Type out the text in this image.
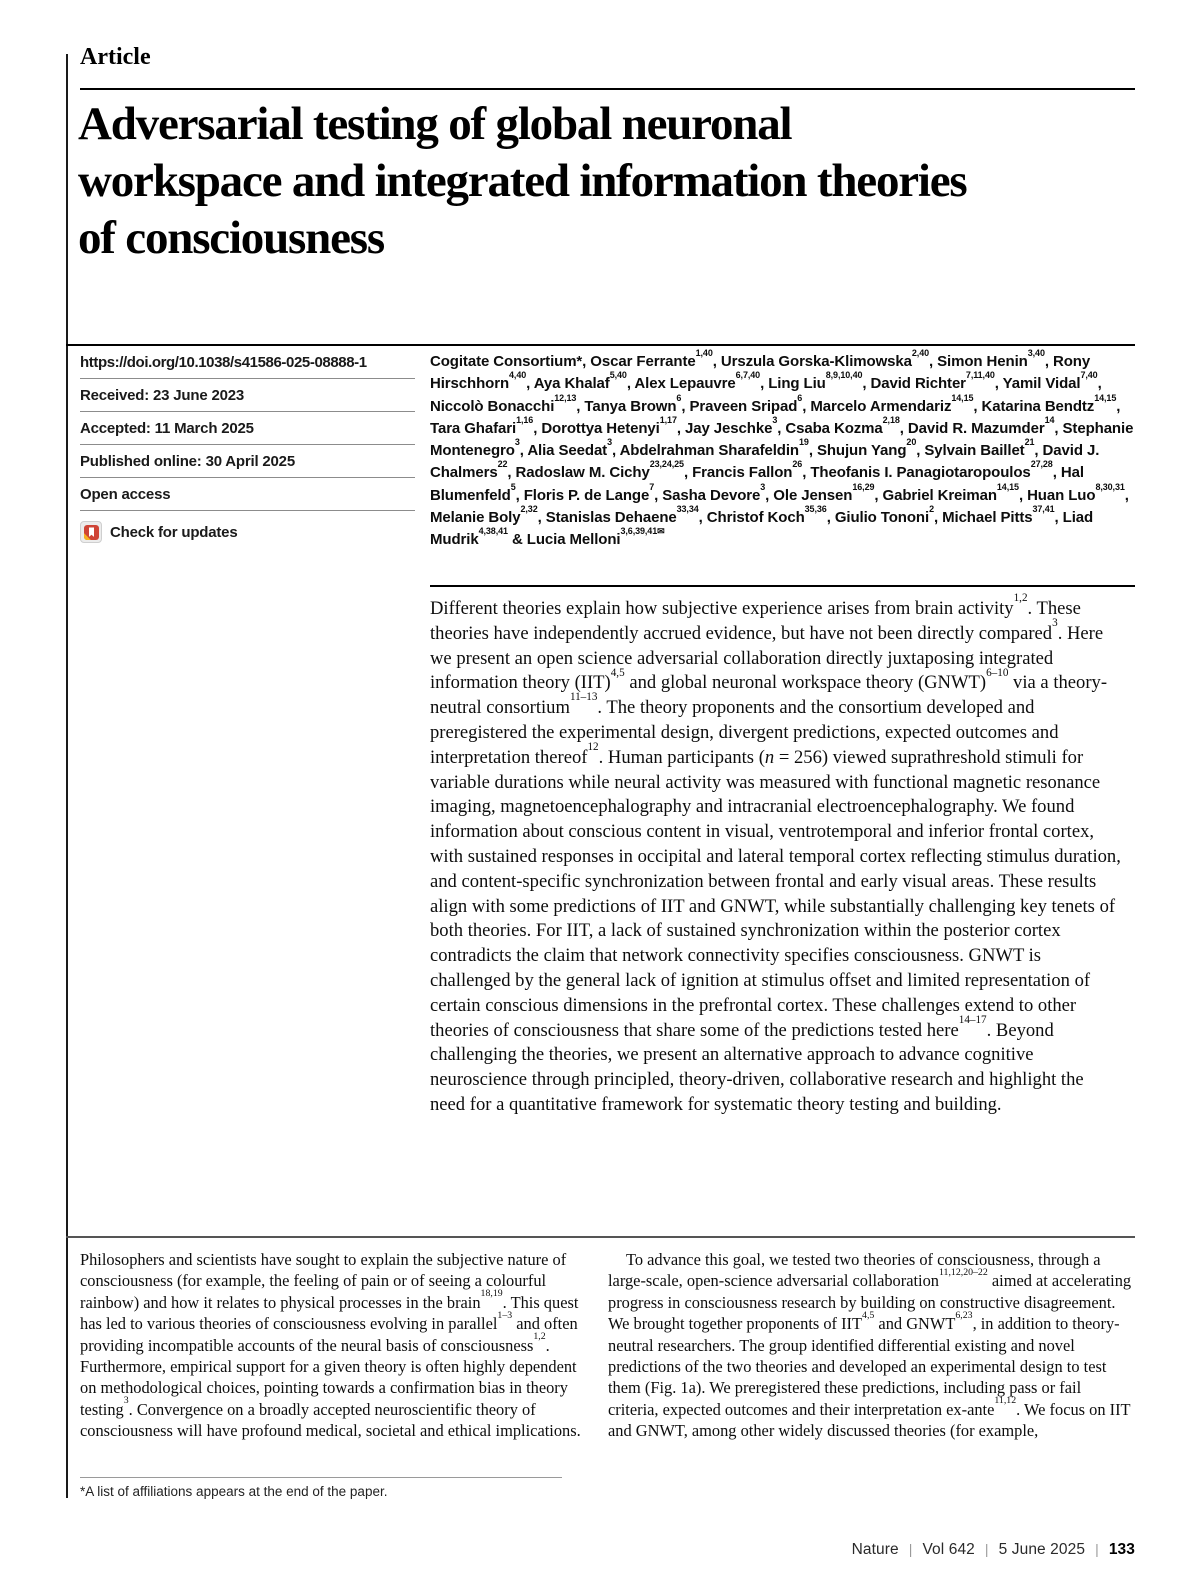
Article
Adversarial testing of global neuronal workspace and integrated information theories of consciousness
https://doi.org/10.1038/s41586-025-08888-1
Received: 23 June 2023
Accepted: 11 March 2025
Published online: 30 April 2025
Open access
Check for updates

Cogitate Consortium*, Oscar Ferrante$^{1,40}$, Urszula Gorska-Klimowska$^{2,40}$, Simon Henin$^{3,40}$, Rony Hirschhorn$^{4,40}$, Aya Khalaf$^{5,40}$, Alex Lepauvre$^{6,7,40}$, Ling Liu$^{8,9,10,40}$, David Richter$^{7,11,40}$, Yamil Vidal$^{7,40}$, Niccolò Bonacchi$^{12,13}$, Tanya Brown$^6$, Praveen Sripad$^6$, Marcelo Armendariz$^{14,15}$, Katarina Bendtz$^{14,15}$, Tara Ghafari$^{1,16}$, Dorottya Hetenyi$^{1,17}$, Jay Jeschke$^3$, Csaba Kozma$^{2,18}$, David R. Mazumder$^{14}$, Stephanie Montenegro$^3$, Alia Seedat$^3$, Abdelrahman Sharafeldin$^{19}$, Shujun Yang$^{20}$, Sylvain Baillet$^{21}$, David J. Chalmers$^{22}$, Radoslaw M. Cichy$^{23,24,25}$, Francis Fallon$^{26}$, Theofanis I. Panagiotaropoulos$^{27,28}$, Hal Blumenfeld$^5$, Floris P. de Lange$^7$, Sasha Devore$^3$, Ole Jensen$^{16,29}$, Gabriel Kreiman$^{14,15}$, Huan Luo$^{8,30,31}$, Melanie Boly$^{2,32}$, Stanislas Dehaene$^{33,34}$, Christof Koch$^{35,36}$, Giulio Tononi$^2$, Michael Pitts$^{37,41}$, Liad Mudrik$^{4,38,41}$ & Lucia Melloni$^{3,6,39,41✉}$

Different theories explain how subjective experience arises from brain activity$^{1,2}$. These theories have independently accrued evidence, but have not been directly compared$^3$. Here we present an open science adversarial collaboration directly juxtaposing integrated information theory (IIT)$^{4,5}$ and global neuronal workspace theory (GNWT)$^{6-10}$ via a theory-neutral consortium$^{11-13}$. The theory proponents and the consortium developed and preregistered the experimental design, divergent predictions, expected outcomes and interpretation thereof$^{12}$. Human participants (n = 256) viewed suprathreshold stimuli for variable durations while neural activity was measured with functional magnetic resonance imaging, magnetoencephalography and intracranial electroencephalography. We found information about conscious content in visual, ventrotemporal and inferior frontal cortex, with sustained responses in occipital and lateral temporal cortex reflecting stimulus duration, and content-specific synchronization between frontal and early visual areas. These results align with some predictions of IIT and GNWT, while substantially challenging key tenets of both theories. For IIT, a lack of sustained synchronization within the posterior cortex contradicts the claim that network connectivity specifies consciousness. GNWT is challenged by the general lack of ignition at stimulus offset and limited representation of certain conscious dimensions in the prefrontal cortex. These challenges extend to other theories of consciousness that share some of the predictions tested here$^{14-17}$. Beyond challenging the theories, we present an alternative approach to advance cognitive neuroscience through principled, theory-driven, collaborative research and highlight the need for a quantitative framework for systematic theory testing and building.

Philosophers and scientists have sought to explain the subjective nature of consciousness (for example, the feeling of pain or of seeing a colourful rainbow) and how it relates to physical processes in the brain$^{18,19}$. This quest has led to various theories of consciousness evolving in parallel$^{1-3}$ and often providing incompatible accounts of the neural basis of consciousness$^{1,2}$. Furthermore, empirical support for a given theory is often highly dependent on methodological choices, pointing towards a confirmation bias in theory testing$^3$. Convergence on a broadly accepted neuroscientific theory of consciousness will have profound medical, societal and ethical implications.

To advance this goal, we tested two theories of consciousness, through a large-scale, open-science adversarial collaboration$^{11,12,20-22}$ aimed at accelerating progress in consciousness research by building on constructive disagreement. We brought together proponents of IIT$^{4,5}$ and GNWT$^{6,23}$, in addition to theory-neutral researchers. The group identified differential existing and novel predictions of the two theories and developed an experimental design to test them (Fig. 1a). We preregistered these predictions, including pass or fail criteria, expected outcomes and their interpretation ex-ante$^{11,12}$. We focus on IIT and GNWT, among other widely discussed theories (for example,

*A list of affiliations appears at the end of the paper.
Nature | Vol 642 | 5 June 2025 | 133
